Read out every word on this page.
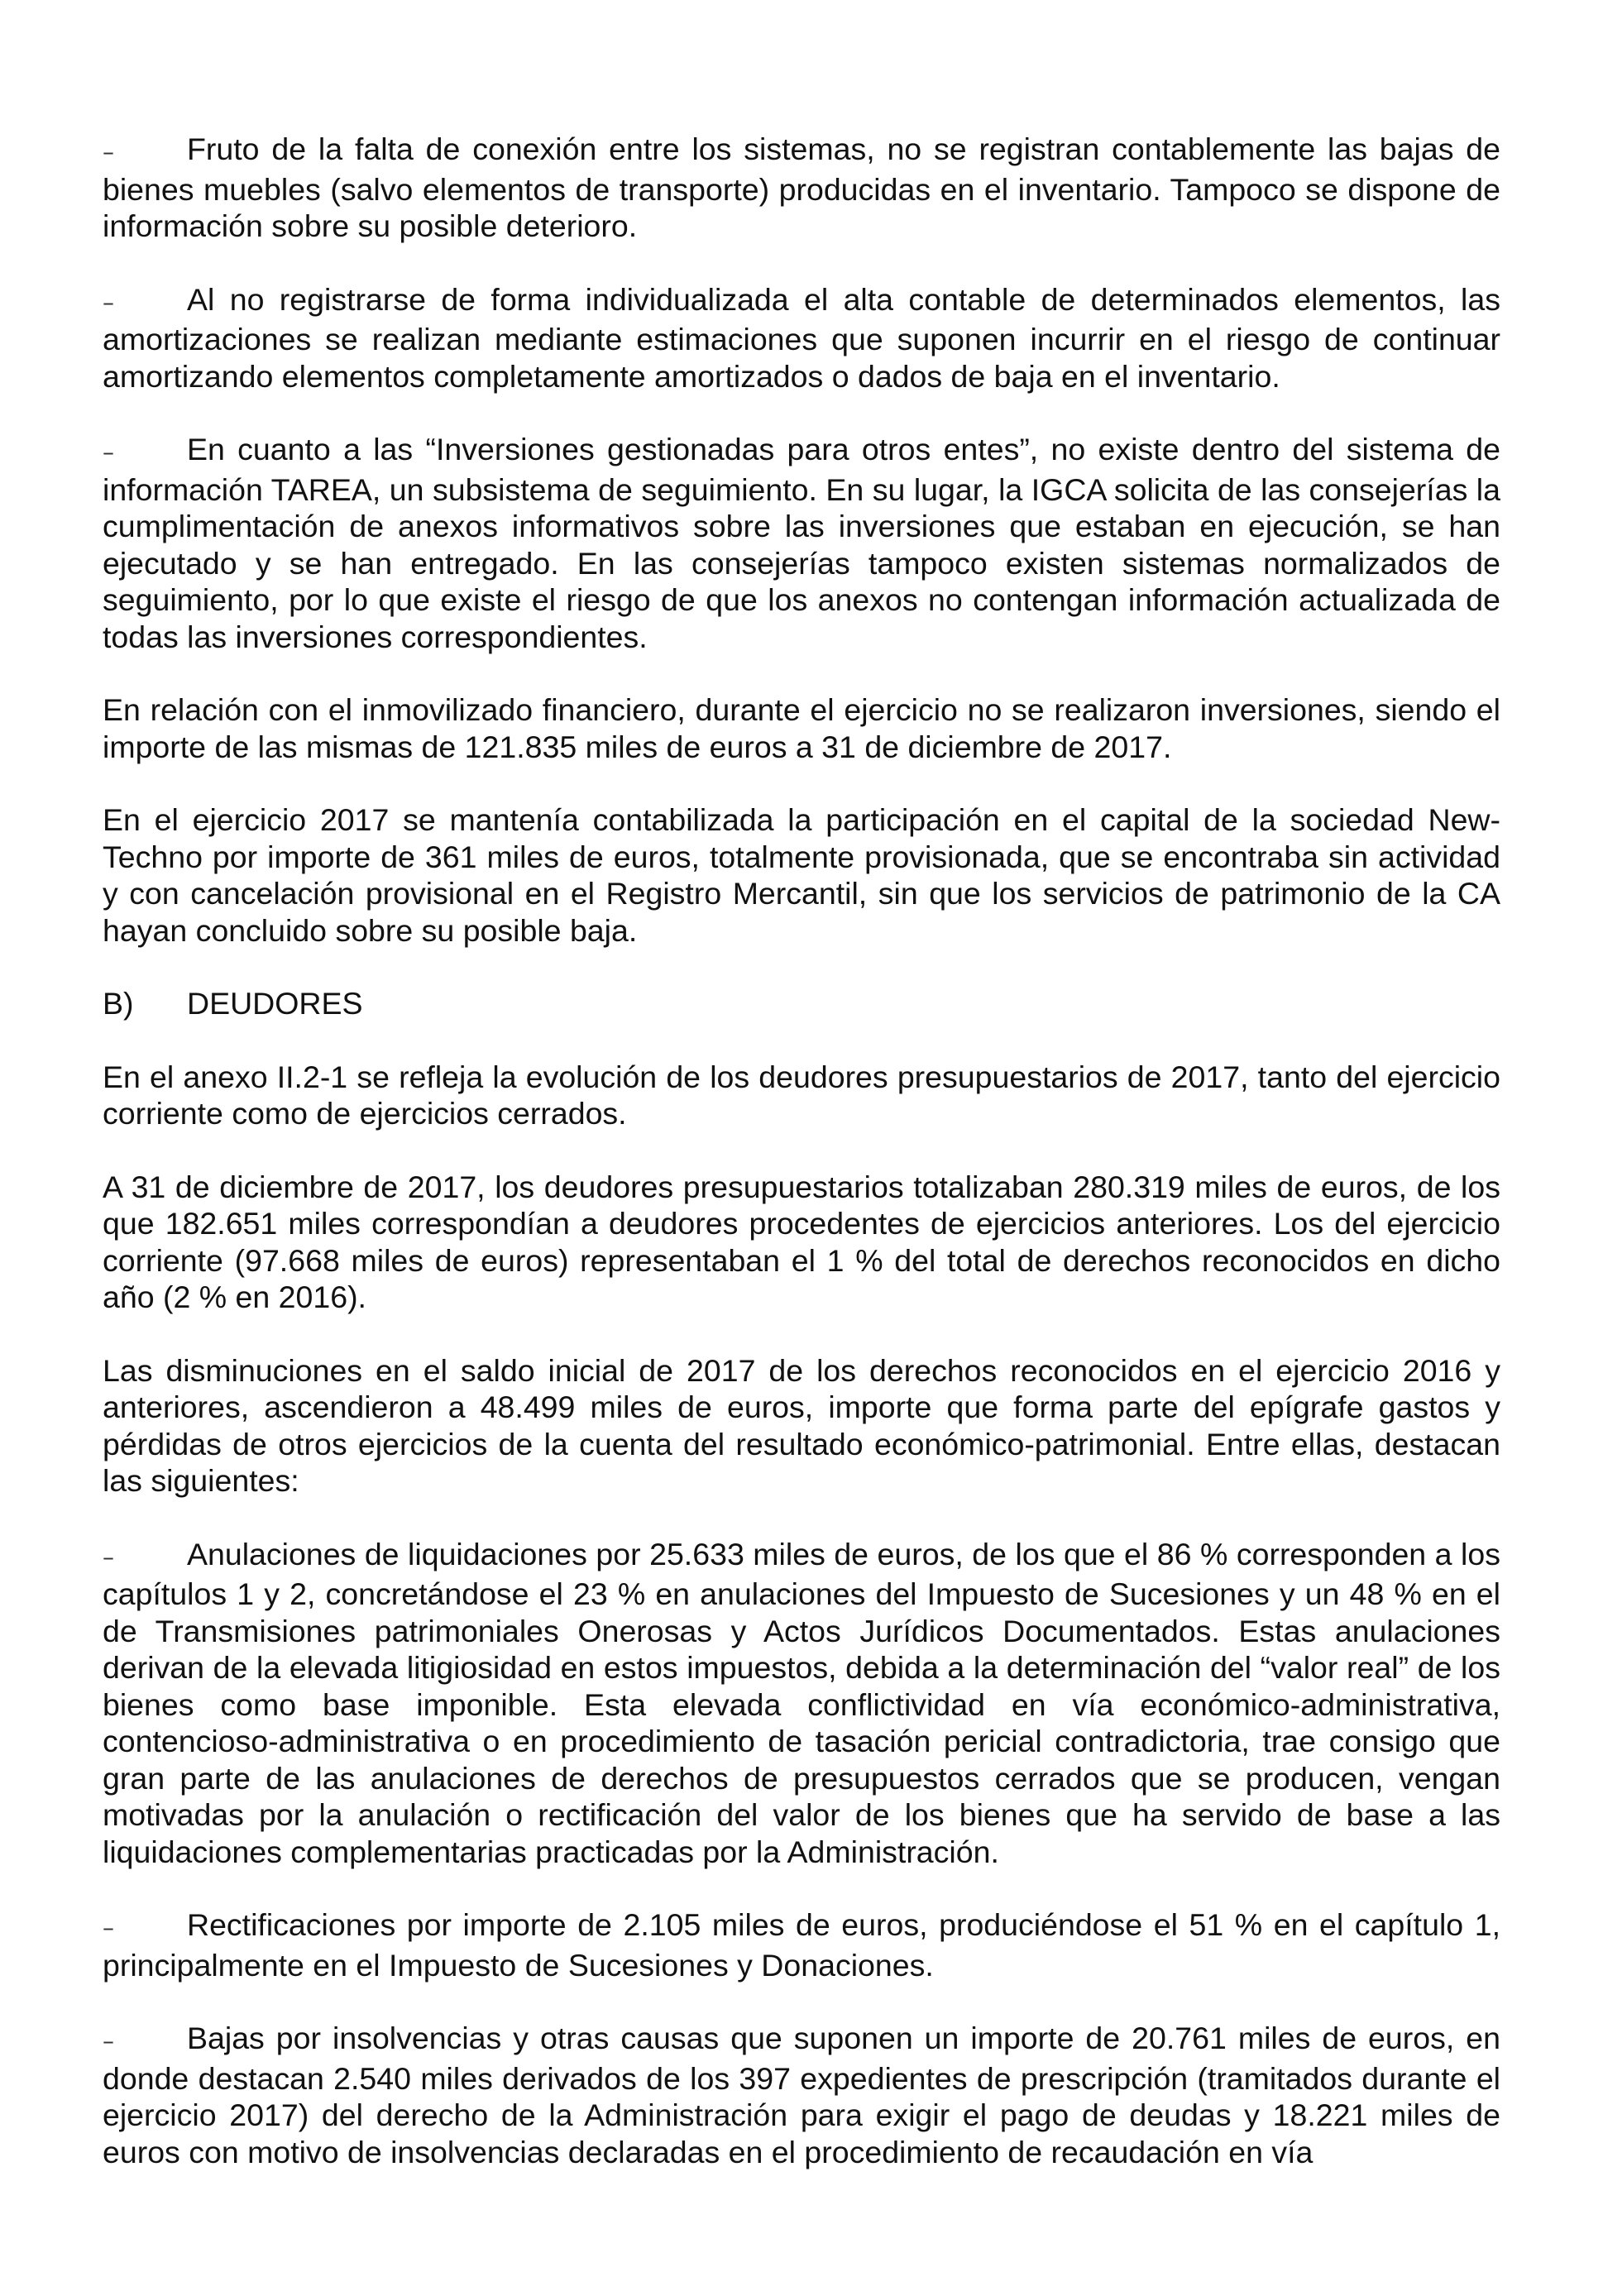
– Fruto de la falta de conexión entre los sistemas, no se registran contablemente las bajas de bienes muebles (salvo elementos de transporte) producidas en el inventario. Tampoco se dispone de información sobre su posible deterioro.

– Al no registrarse de forma individualizada el alta contable de determinados elementos, las amortizaciones se realizan mediante estimaciones que suponen incurrir en el riesgo de continuar amortizando elementos completamente amortizados o dados de baja en el inventario.

– En cuanto a las “Inversiones gestionadas para otros entes”, no existe dentro del sistema de información TAREA, un subsistema de seguimiento. En su lugar, la IGCA solicita de las consejerías la cumplimentación de anexos informativos sobre las inversiones que estaban en ejecución, se han ejecutado y se han entregado. En las consejerías tampoco existen sistemas normalizados de seguimiento, por lo que existe el riesgo de que los anexos no contengan información actualizada de todas las inversiones correspondientes.

En relación con el inmovilizado financiero, durante el ejercicio no se realizaron inversiones, siendo el importe de las mismas de 121.835 miles de euros a 31 de diciembre de 2017.

En el ejercicio 2017 se mantenía contabilizada la participación en el capital de la sociedad New-Techno por importe de 361 miles de euros, totalmente provisionada, que se encontraba sin actividad y con cancelación provisional en el Registro Mercantil, sin que los servicios de patrimonio de la CA hayan concluido sobre su posible baja.

B) DEUDORES

En el anexo II.2-1 se refleja la evolución de los deudores presupuestarios de 2017, tanto del ejercicio corriente como de ejercicios cerrados.

A 31 de diciembre de 2017, los deudores presupuestarios totalizaban 280.319 miles de euros, de los que 182.651 miles correspondían a deudores procedentes de ejercicios anteriores. Los del ejercicio corriente (97.668 miles de euros) representaban el 1 % del total de derechos reconocidos en dicho año (2 % en 2016).

Las disminuciones en el saldo inicial de 2017 de los derechos reconocidos en el ejercicio 2016 y anteriores, ascendieron a 48.499 miles de euros, importe que forma parte del epígrafe gastos y pérdidas de otros ejercicios de la cuenta del resultado económico-patrimonial. Entre ellas, destacan las siguientes:

– Anulaciones de liquidaciones por 25.633 miles de euros, de los que el 86 % corresponden a los capítulos 1 y 2, concretándose el 23 % en anulaciones del Impuesto de Sucesiones y un 48 % en el de Transmisiones patrimoniales Onerosas y Actos Jurídicos Documentados. Estas anulaciones derivan de la elevada litigiosidad en estos impuestos, debida a la determinación del “valor real” de los bienes como base imponible. Esta elevada conflictividad en vía económico-administrativa, contencioso-administrativa o en procedimiento de tasación pericial contradictoria, trae consigo que gran parte de las anulaciones de derechos de presupuestos cerrados que se producen, vengan motivadas por la anulación o rectificación del valor de los bienes que ha servido de base a las liquidaciones complementarias practicadas por la Administración.

– Rectificaciones por importe de 2.105 miles de euros, produciéndose el 51 % en el capítulo 1, principalmente en el Impuesto de Sucesiones y Donaciones.

– Bajas por insolvencias y otras causas que suponen un importe de 20.761 miles de euros, en donde destacan 2.540 miles derivados de los 397 expedientes de prescripción (tramitados durante el ejercicio 2017) del derecho de la Administración para exigir el pago de deudas y 18.221 miles de euros con motivo de insolvencias declaradas en el procedimiento de recaudación en vía
